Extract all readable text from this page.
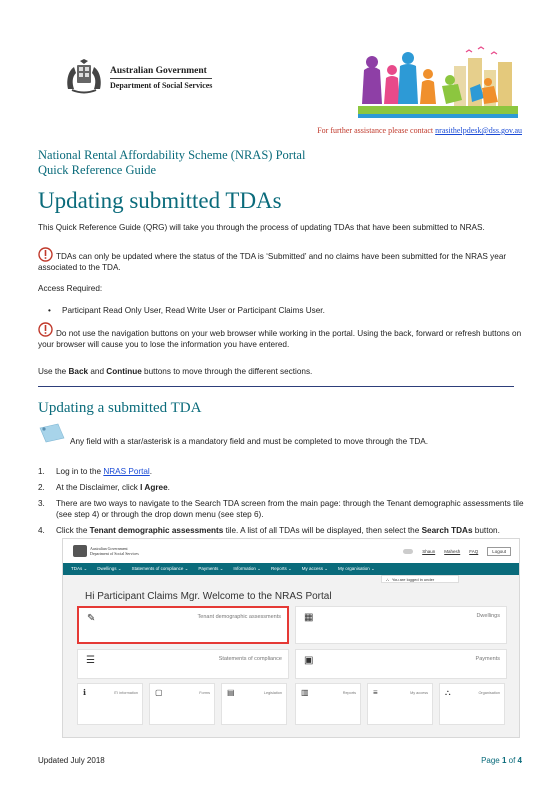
Australian Government
Department of Social Services
For further assistance please contact nrasithelpdesk@dss.gov.au
National Rental Affordability Scheme (NRAS) Portal
Quick Reference Guide
Updating submitted TDAs
This Quick Reference Guide (QRG) will take you through the process of updating TDAs that have been submitted to NRAS.
TDAs can only be updated where the status of the TDA is ‘Submitted’ and no claims have been submitted for the NRAS year associated to the TDA.
Access Required:
• Participant Read Only User, Read Write User or Participant Claims User.
Do not use the navigation buttons on your web browser while working in the portal. Using the back, forward or refresh buttons on your browser will cause you to lose the information you have entered.
Use the Back and Continue buttons to move through the different sections.
Updating a submitted TDA
Any field with a star/asterisk is a mandatory field and must be completed to move through the TDA.
1.	Log in to the NRAS Portal.
2.	At the Disclaimer, click I Agree.
3.	There are two ways to navigate to the Search TDA screen from the main page: through the Tenant demographic assessments tile (see step 4) or through the drop down menu (see step 6).
4.	Click the Tenant demographic assessments tile. A list of all TDAs will be displayed, then select the Search TDAs button.
Australian Government
Department of Social Services	Shaun Mahesh FAQ	Logout
TDAs ⌄ Dwellings ⌄ Statements of compliance ⌄ Payments ⌄ Information ⌄ Reports ⌄ My access ⌄ My organisation ⌄
⛬ You are logged in under
Hi Participant Claims Mgr. Welcome to the NRAS Portal
✎	Tenant demographic assessments ▦	Dwellings
☰	Statements of compliance ▣	Payments
ℹ	ITI information ▢	Forms ▤	Legislation ▥	Reports ≡	My access ⛬	Organisation
Updated July 2018	Page 1 of 4
